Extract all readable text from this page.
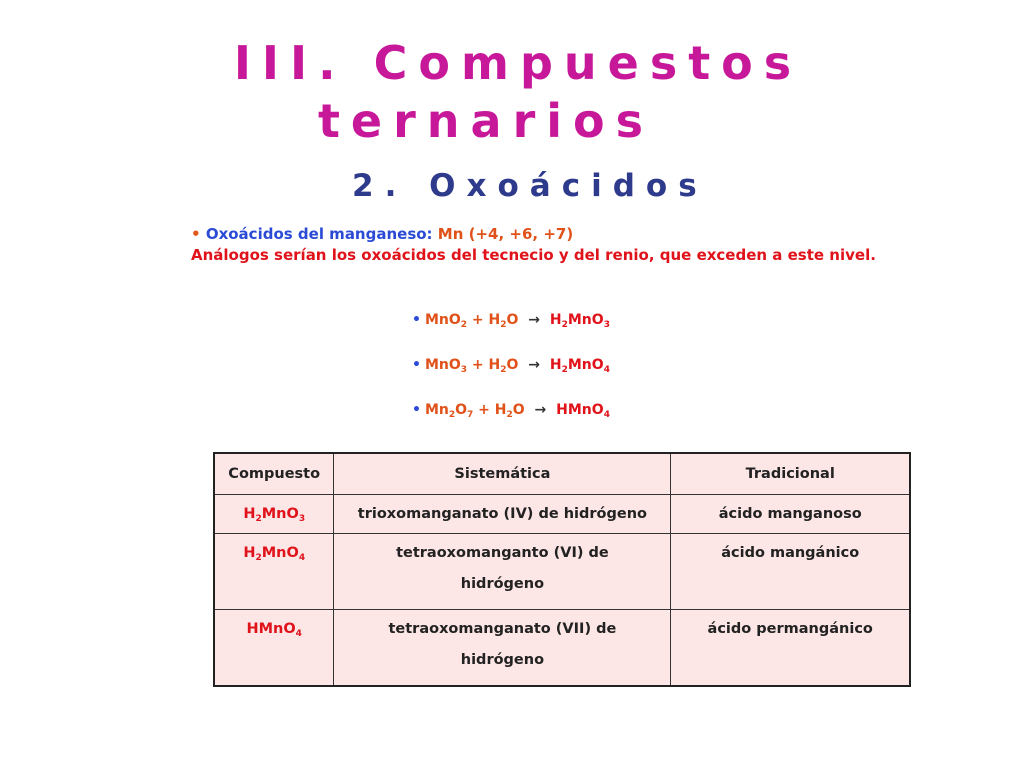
III. Compuestos
ternarios
2. Oxoácidos
• Oxoácidos del manganeso: Mn (+4, +6, +7)
Análogos serían los oxoácidos del tecnecio y del renio, que exceden a este nivel.

• $MnO_2 + H_2O \to H_2MnO_3$

• $MnO_3 + H_2O \to H_2MnO_4$

• $Mn_2O_7 + H_2O$ → HMnO$_4$

Compuesto	Sistemática	Tradicional
$H_2MnO_3$	trioxomanganato (IV) de hidrógeno	ácido manganoso
$H_2MnO_4$	tetraoxomanganto (VI) de hidrógeno	ácido mangánico
HMnO$_4$	tetraoxomanganato (VII) de hidrógeno	ácido permangánico
